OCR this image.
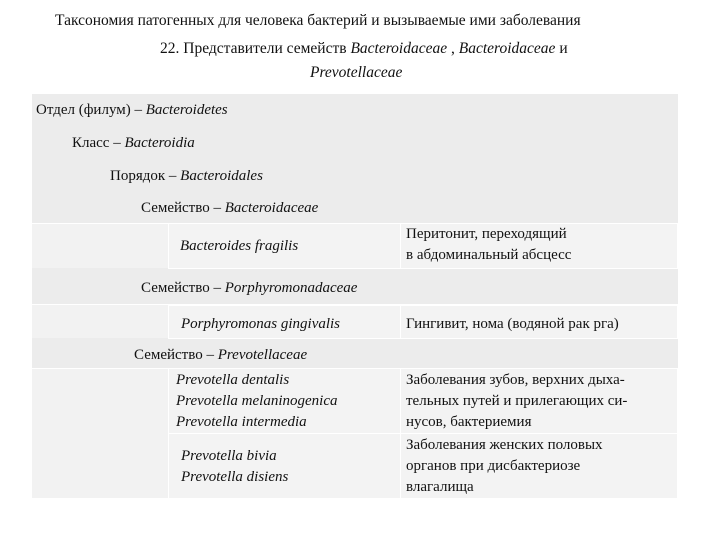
Таксономия патогенных для человека бактерий и вызываемые ими заболевания
22. Представители семейств Bacteroidaceae , Bacteroidaceae и
Prevotellaceae
Отдел (филум) – Bacteroidetes
Класс – Bacteroidia
Порядок – Bacteroidales
Семейство – Bacteroidaceae
Bacteroides fragilis
Перитонит, переходящий
в абдоминальный абсцесс
Семейство – Porphyromonadaceae
Porphyromonas gingivalis	Гингивит, нома (водяной рак рга)
Семейство – Prevotellaceae
Prevotella dentalis
Prevotella melaninogenica
Prevotella intermedia
Заболевания зубов, верхних дыха-
тельных путей и прилегающих си-
нусов, бактериемия
Prevotella bivia
Prevotella disiens
Заболевания женских половых
органов при дисбактериозе
влагалища
